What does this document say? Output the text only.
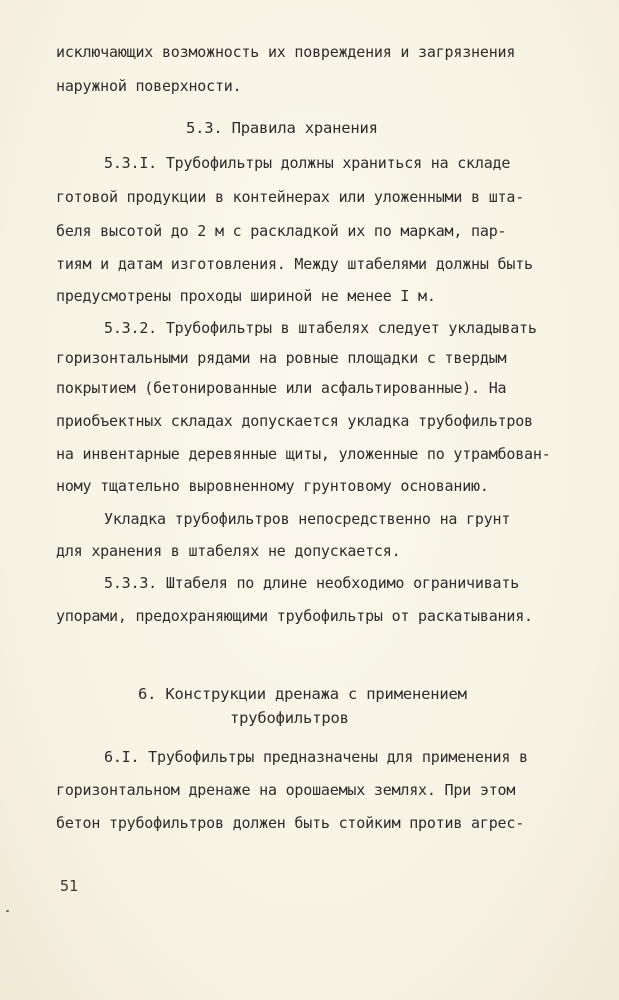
исключающих возможность их повреждения и загрязнения
наружной поверхности.
5.3. Правила хранения
5.3.I. Трубофильтры должны храниться на складе
готовой продукции в контейнерах или уложенными в шта-
беля высотой до 2 м с раскладкой их по маркам, пар-
тиям и датам изготовления. Между штабелями должны быть
предусмотрены проходы шириной не менее I м.
5.3.2. Трубофильтры в штабелях следует укладывать
горизонтальными рядами на ровные площадки с твердым
покрытием (бетонированные или асфальтированные). На
приобъектных складах допускается укладка трубофильтров
на инвентарные деревянные щиты, уложенные по утрамбован-
ному тщательно выровненному грунтовому основанию.
Укладка трубофильтров непосредственно на грунт
для хранения в штабелях не допускается.
5.3.3. Штабеля по длине необходимо ограничивать
упорами, предохраняющими трубофильтры от раскатывания.
6. Конструкции дренажа с применением
трубофильтров
6.I. Трубофильтры предназначены для применения в
горизонтальном дренаже на орошаемых землях. При этом
бетон трубофильтров должен быть стойким против агрес-
51
